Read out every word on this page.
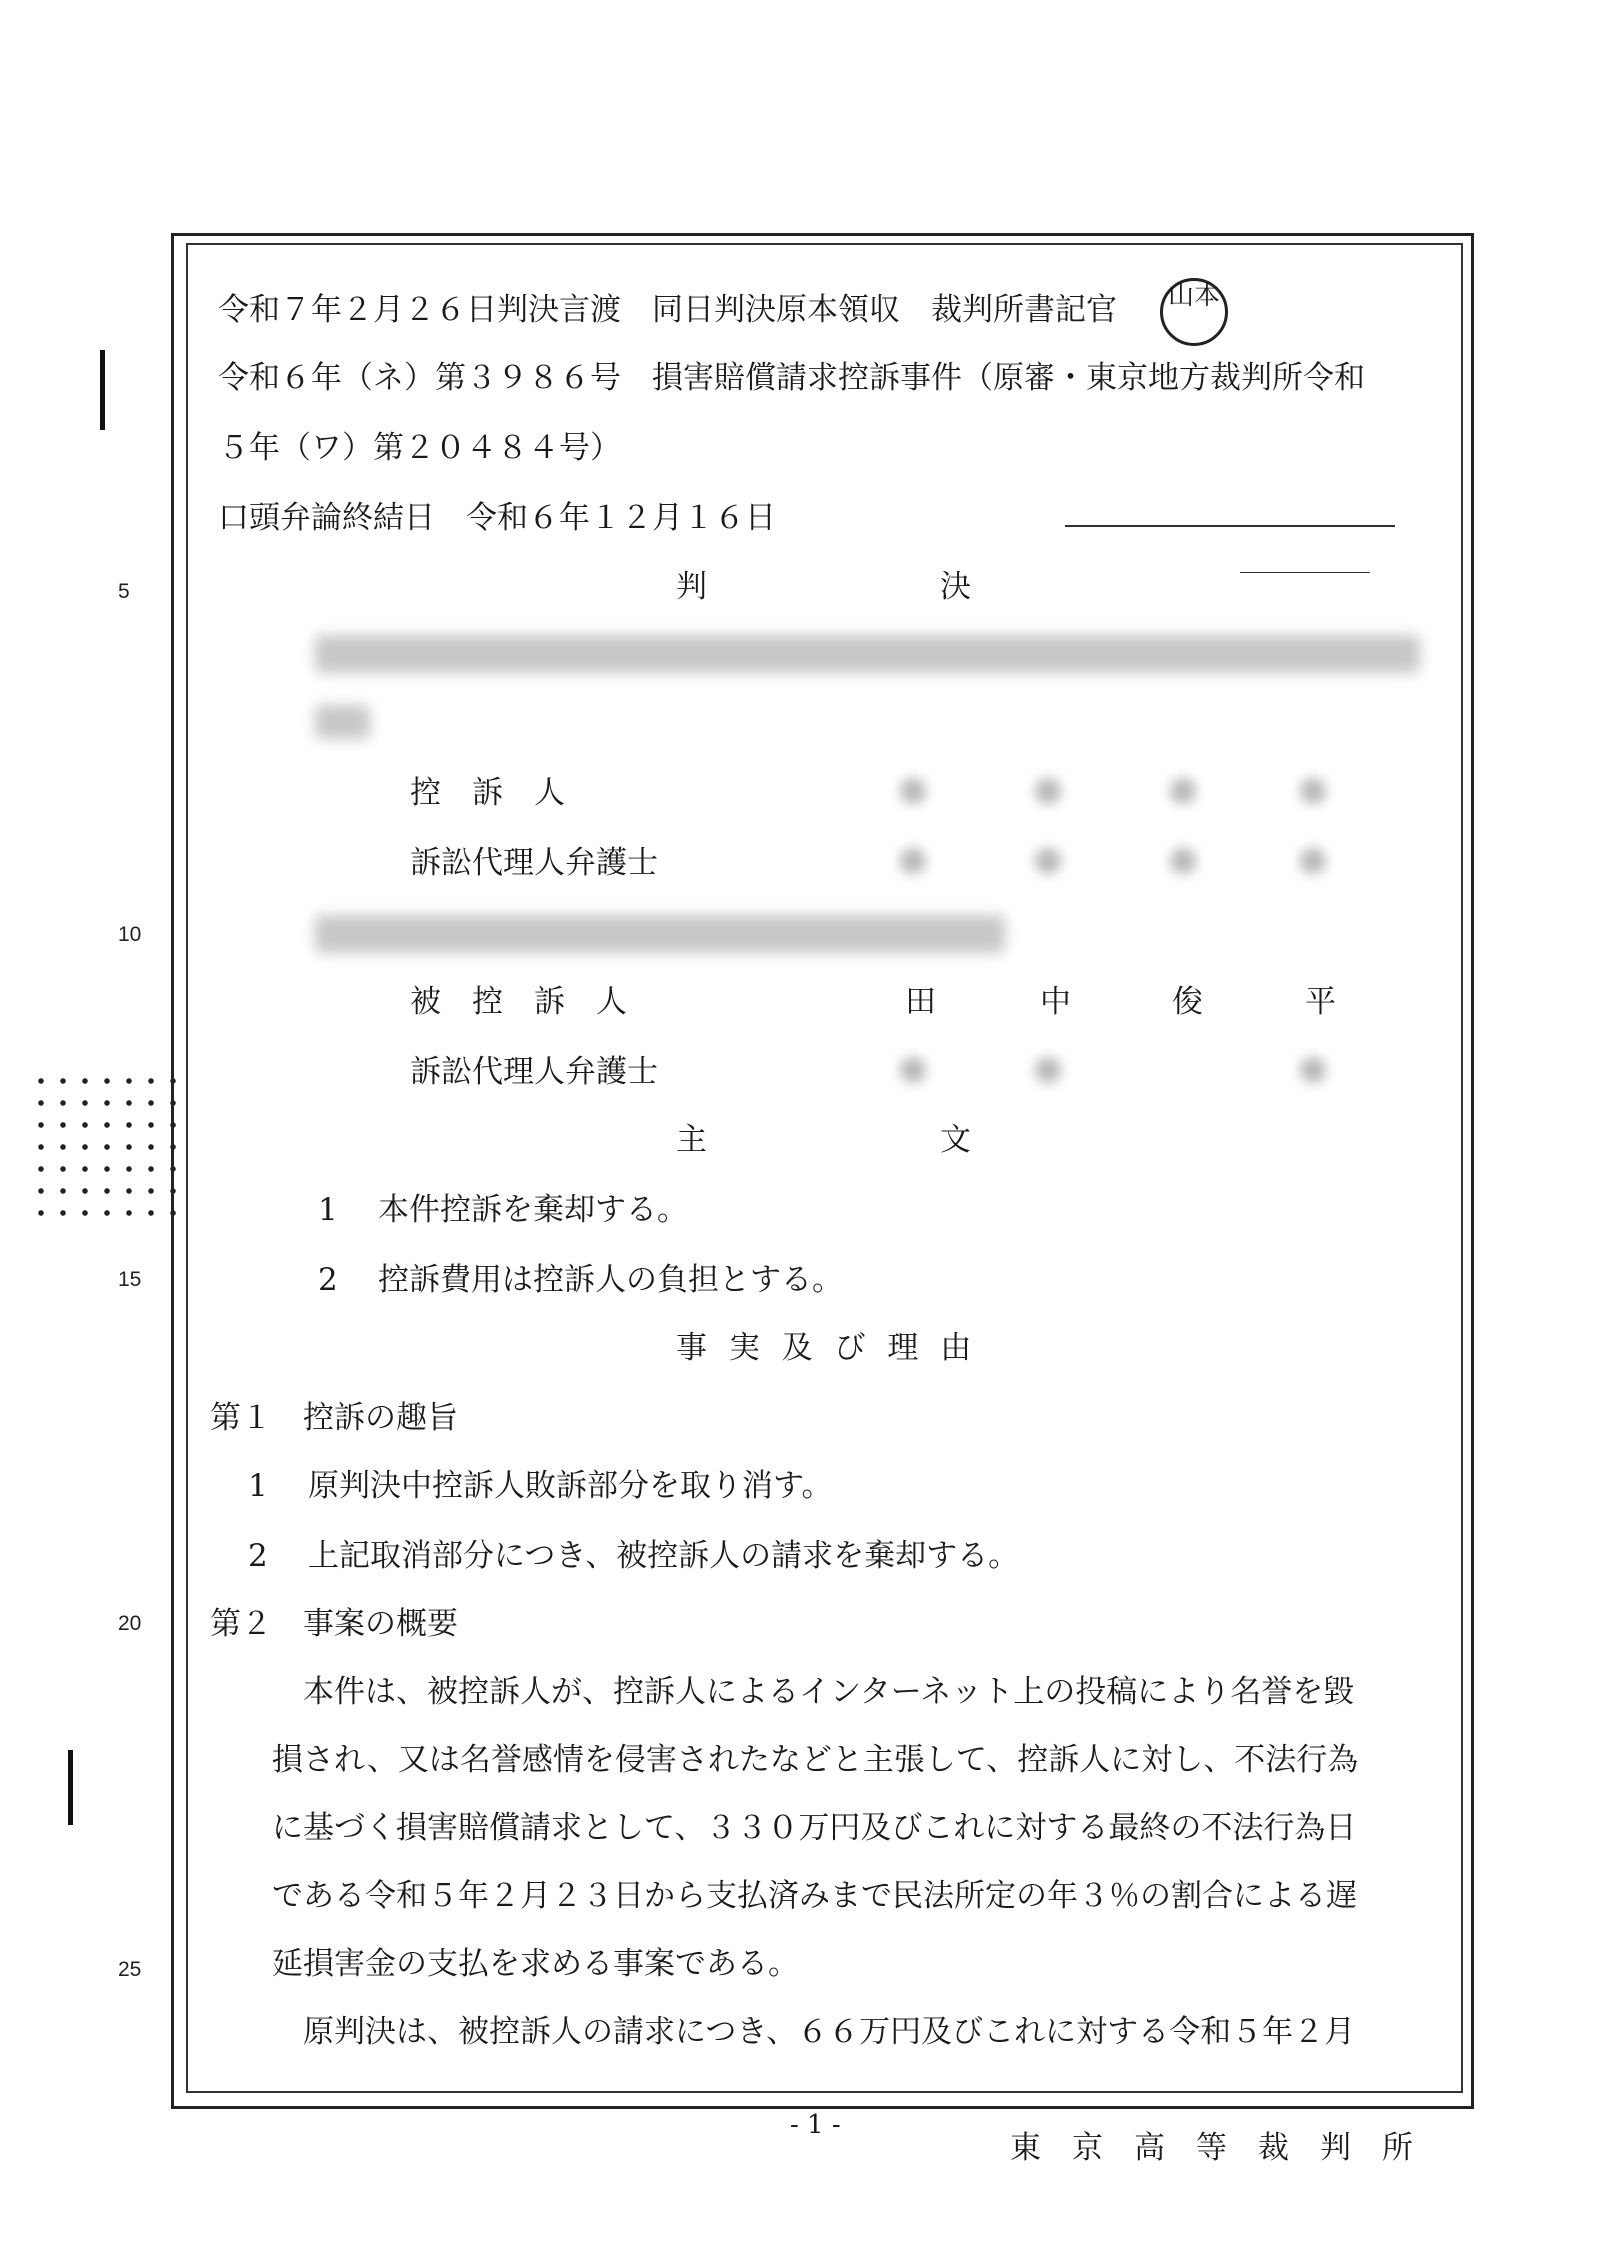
令和７年２月２６日判決言渡　同日判決原本領収　裁判所書記官	山本
令和６年（ネ）第３９８６号　損害賠償請求控訴事件（原審・東京地方裁判所令和
５年（ワ）第２０４８４号）
口頭弁論終結日　令和６年１２月１６日
5
10
15
20
25
判	決
控　訴　人
訴訟代理人弁護士
被　控　訴　人	田	中	俊	平
訴訟代理人弁護士
主	文
1 本件控訴を棄却する。
2 控訴費用は控訴人の負担とする。
事 実 及 び 理 由
第１　控訴の趣旨
1 原判決中控訴人敗訴部分を取り消す。
2 上記取消部分につき、被控訴人の請求を棄却する。
第２　事案の概要
　本件は、被控訴人が、控訴人によるインターネット上の投稿により名誉を毀
損され、又は名誉感情を侵害されたなどと主張して、控訴人に対し、不法行為
に基づく損害賠償請求として、３３０万円及びこれに対する最終の不法行為日
である令和５年２月２３日から支払済みまで民法所定の年３％の割合による遅
延損害金の支払を求める事案である。
　原判決は、被控訴人の請求につき、６６万円及びこれに対する令和５年２月
- 1 -
東　京　高　等　裁　判　所
